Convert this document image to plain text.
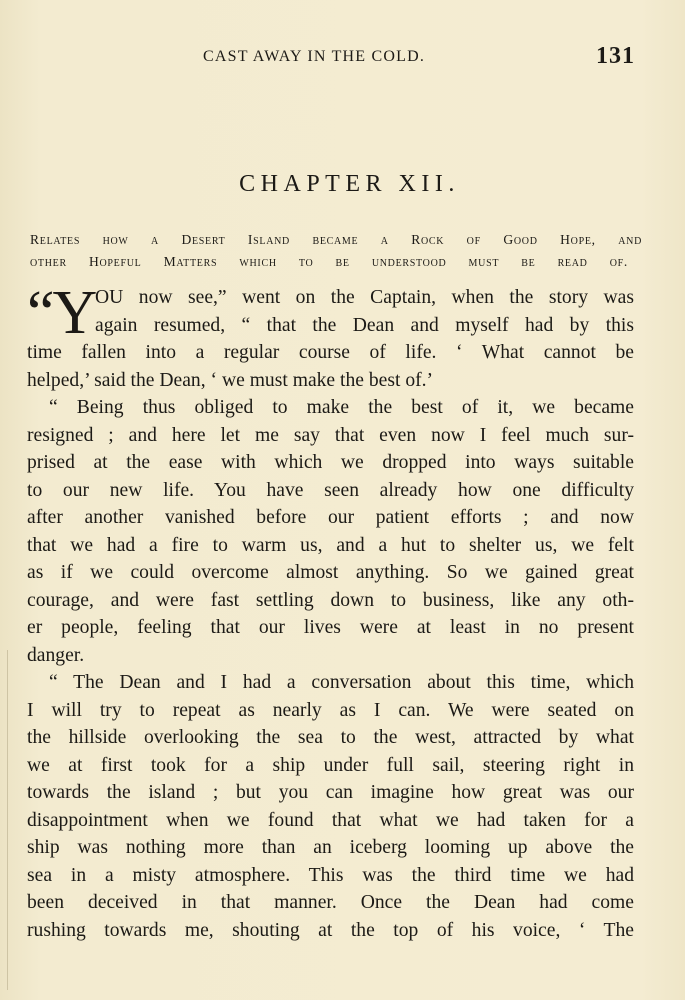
CAST AWAY IN THE COLD.	131
CHAPTER XII.
Relates how a Desert Island became a Rock of Good Hope, and
other Hopeful Matters which to be understood must be read of.
“Y OU now see,” went on the Captain, when the story was
again resumed, “ that the Dean and myself had by this
time fallen into a regular course of life. ‘ What cannot be
helped,’ said the Dean, ‘ we must make the best of.’
“ Being thus obliged to make the best of it, we became
resigned ; and here let me say that even now I feel much sur-
prised at the ease with which we dropped into ways suitable
to our new life. You have seen already how one difficulty
after another vanished before our patient efforts ; and now
that we had a fire to warm us, and a hut to shelter us, we felt
as if we could overcome almost anything. So we gained great
courage, and were fast settling down to business, like any oth-
er people, feeling that our lives were at least in no present
danger.
“ The Dean and I had a conversation about this time, which
I will try to repeat as nearly as I can. We were seated on
the hillside overlooking the sea to the west, attracted by what
we at first took for a ship under full sail, steering right in
towards the island ; but you can imagine how great was our
disappointment when we found that what we had taken for a
ship was nothing more than an iceberg looming up above the
sea in a misty atmosphere. This was the third time we had
been deceived in that manner. Once the Dean had come
rushing towards me, shouting at the top of his voice, ‘ The
